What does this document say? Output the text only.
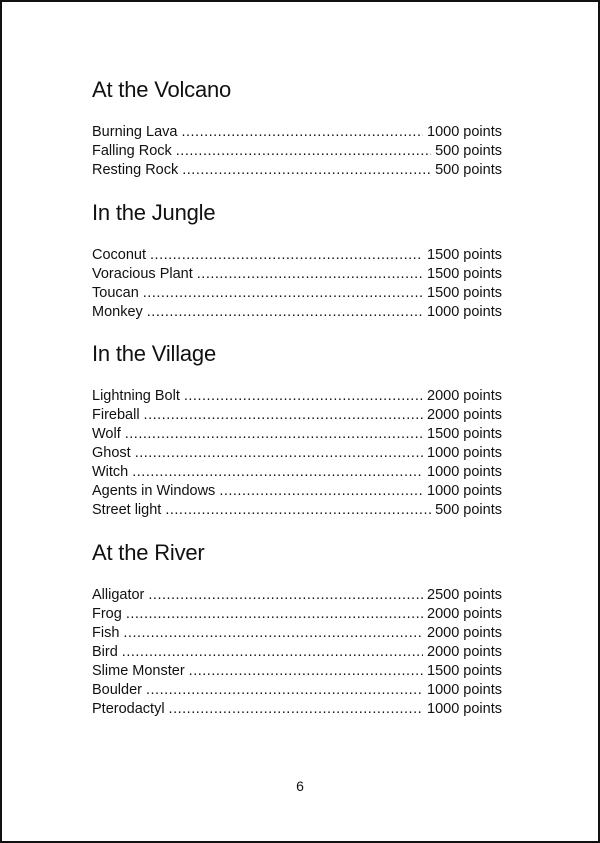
At the Volcano
Burning Lava .....	1000 points
Falling Rock .....	500 points
Resting Rock .....	500 points
In the Jungle
Coconut .....	1500 points
Voracious Plant .....	1500 points
Toucan .....	1500 points
Monkey .....	1000 points
In the Village
Lightning Bolt .....	2000 points
Fireball .....	2000 points
Wolf .....	1500 points
Ghost .....	1000 points
Witch .....	1000 points
Agents in Windows .....	1000 points
Street light .....	500 points
At the River
Alligator .....	2500 points
Frog .....	2000 points
Fish .....	2000 points
Bird .....	2000 points
Slime Monster .....	1500 points
Boulder .....	1000 points
Pterodactyl .....	1000 points
6
